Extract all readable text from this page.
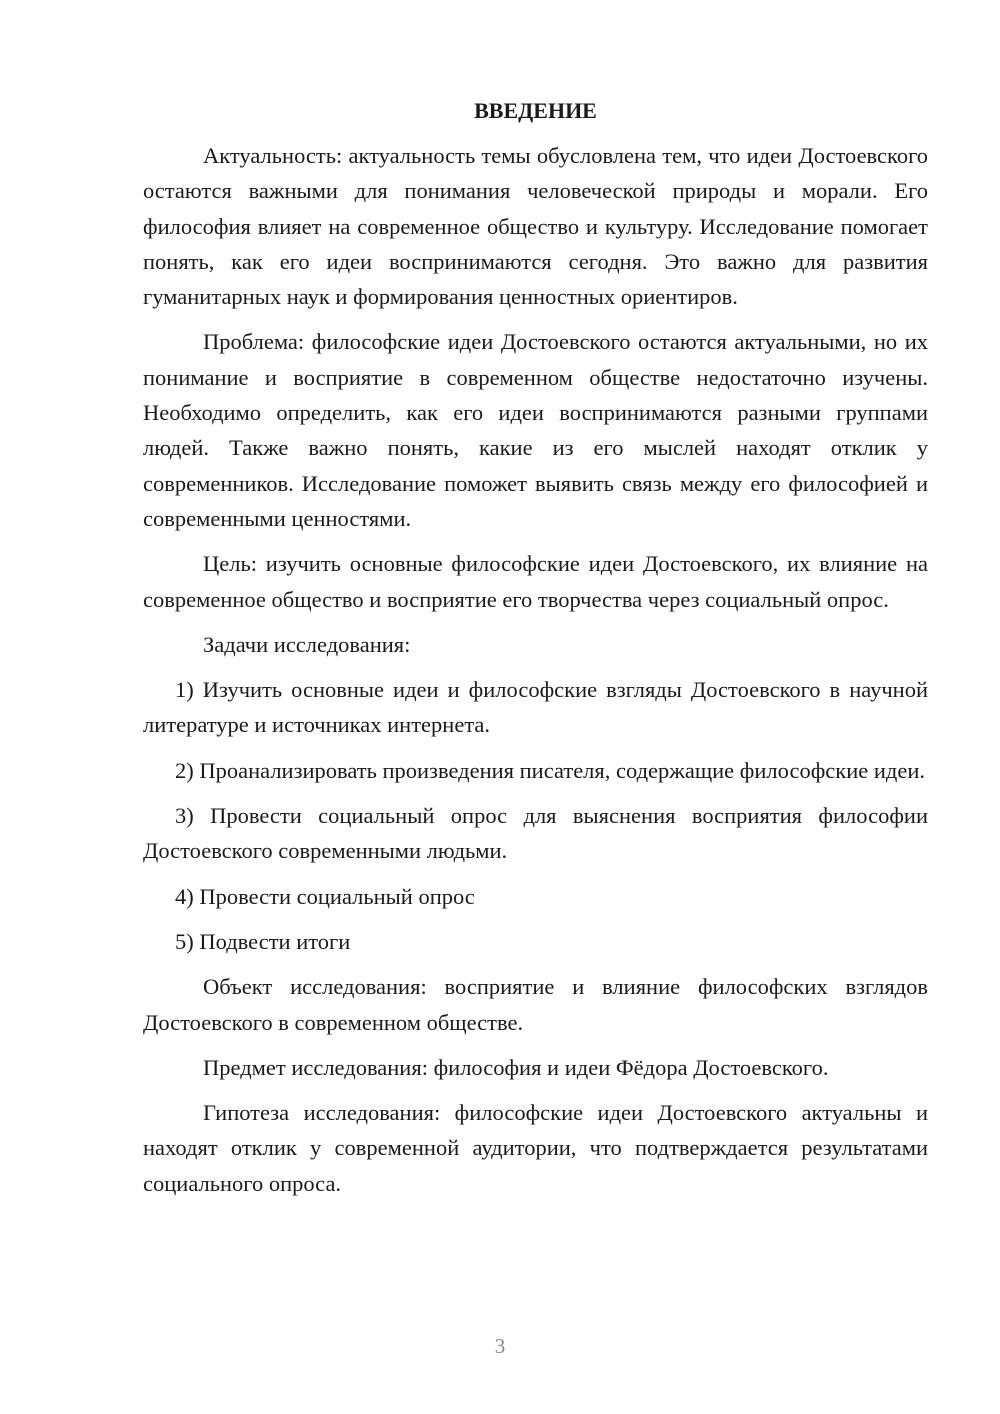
ВВЕДЕНИЕ

Актуальность: актуальность темы обусловлена тем, что идеи Достоевского остаются важными для понимания человеческой природы и морали. Его философия влияет на современное общество и культуру. Исследование помогает понять, как его идеи воспринимаются сегодня. Это важно для развития гуманитарных наук и формирования ценностных ориентиров.

Проблема: философские идеи Достоевского остаются актуальными, но их понимание и восприятие в современном обществе недостаточно изучены. Необходимо определить, как его идеи воспринимаются разными группами людей. Также важно понять, какие из его мыслей находят отклик у современников. Исследование поможет выявить связь между его философией и современными ценностями.

Цель: изучить основные философские идеи Достоевского, их влияние на современное общество и восприятие его творчества через социальный опрос.

Задачи исследования:

1) Изучить основные идеи и философские взгляды Достоевского в научной литературе и источниках интернета.

2) Проанализировать произведения писателя, содержащие философские идеи.

3) Провести социальный опрос для выяснения восприятия философии Достоевского современными людьми.

4) Провести социальный опрос

5) Подвести итоги

Объект исследования: восприятие и влияние философских взглядов Достоевского в современном обществе.

Предмет исследования: философия и идеи Фёдора Достоевского.

Гипотеза исследования: философские идеи Достоевского актуальны и находят отклик у современной аудитории, что подтверждается результатами социального опроса.

3
